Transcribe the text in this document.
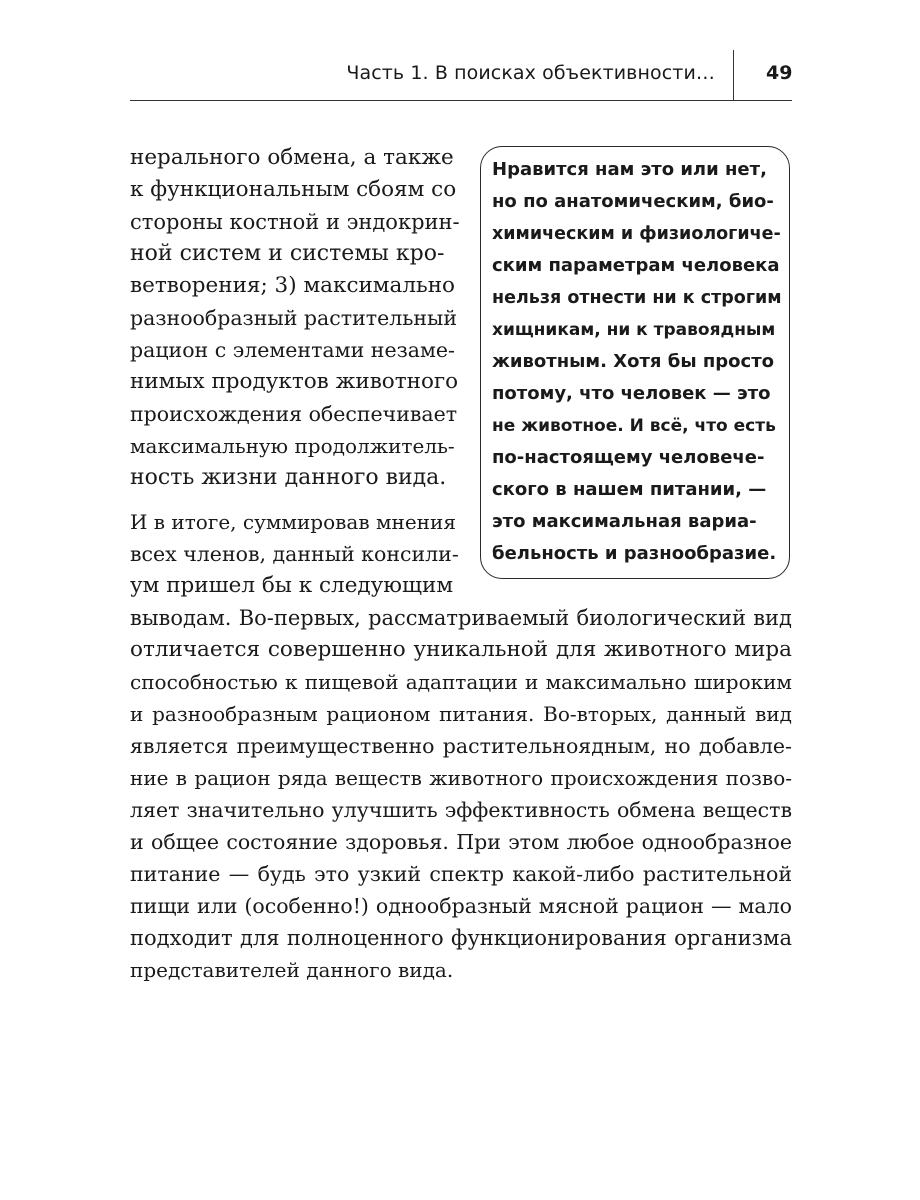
Часть 1. В поисках объективности…	49
Нравится нам это или нет,
но по анатомическим, био-
химическим и физиологиче-
ским параметрам человека
нельзя отнести ни к строгим
хищникам, ни к травоядным
животным. Хотя бы просто
потому, что человек — это
не животное. И всё, что есть
по-настоящему человече-
ского в нашем питании, —
это максимальная вариа-
бельность и разнообразие.
нерального обмена, а также
к функциональным сбоям со
стороны костной и эндокрин-
ной систем и системы кро-
ветворения; 3) максимально
разнообразный растительный
рацион с элементами незаме-
нимых продуктов животного
происхождения обеспечивает
максимальную продолжитель-
ность жизни данного вида.
И в итоге, суммировав мнения
всех членов, данный консили-
ум пришел бы к следующим
выводам. Во-первых, рассматриваемый биологический вид
отличается совершенно уникальной для животного мира
способностью к пищевой адаптации и максимально широким
и разнообразным рационом питания. Во-вторых, данный вид
является преимущественно растительноядным, но добавле-
ние в рацион ряда веществ животного происхождения позво-
ляет значительно улучшить эффективность обмена веществ
и общее состояние здоровья. При этом любое однообразное
питание — будь это узкий спектр какой-либо растительной
пищи или (особенно!) однообразный мясной рацион — мало
подходит для полноценного функционирования организма
представителей данного вида.
